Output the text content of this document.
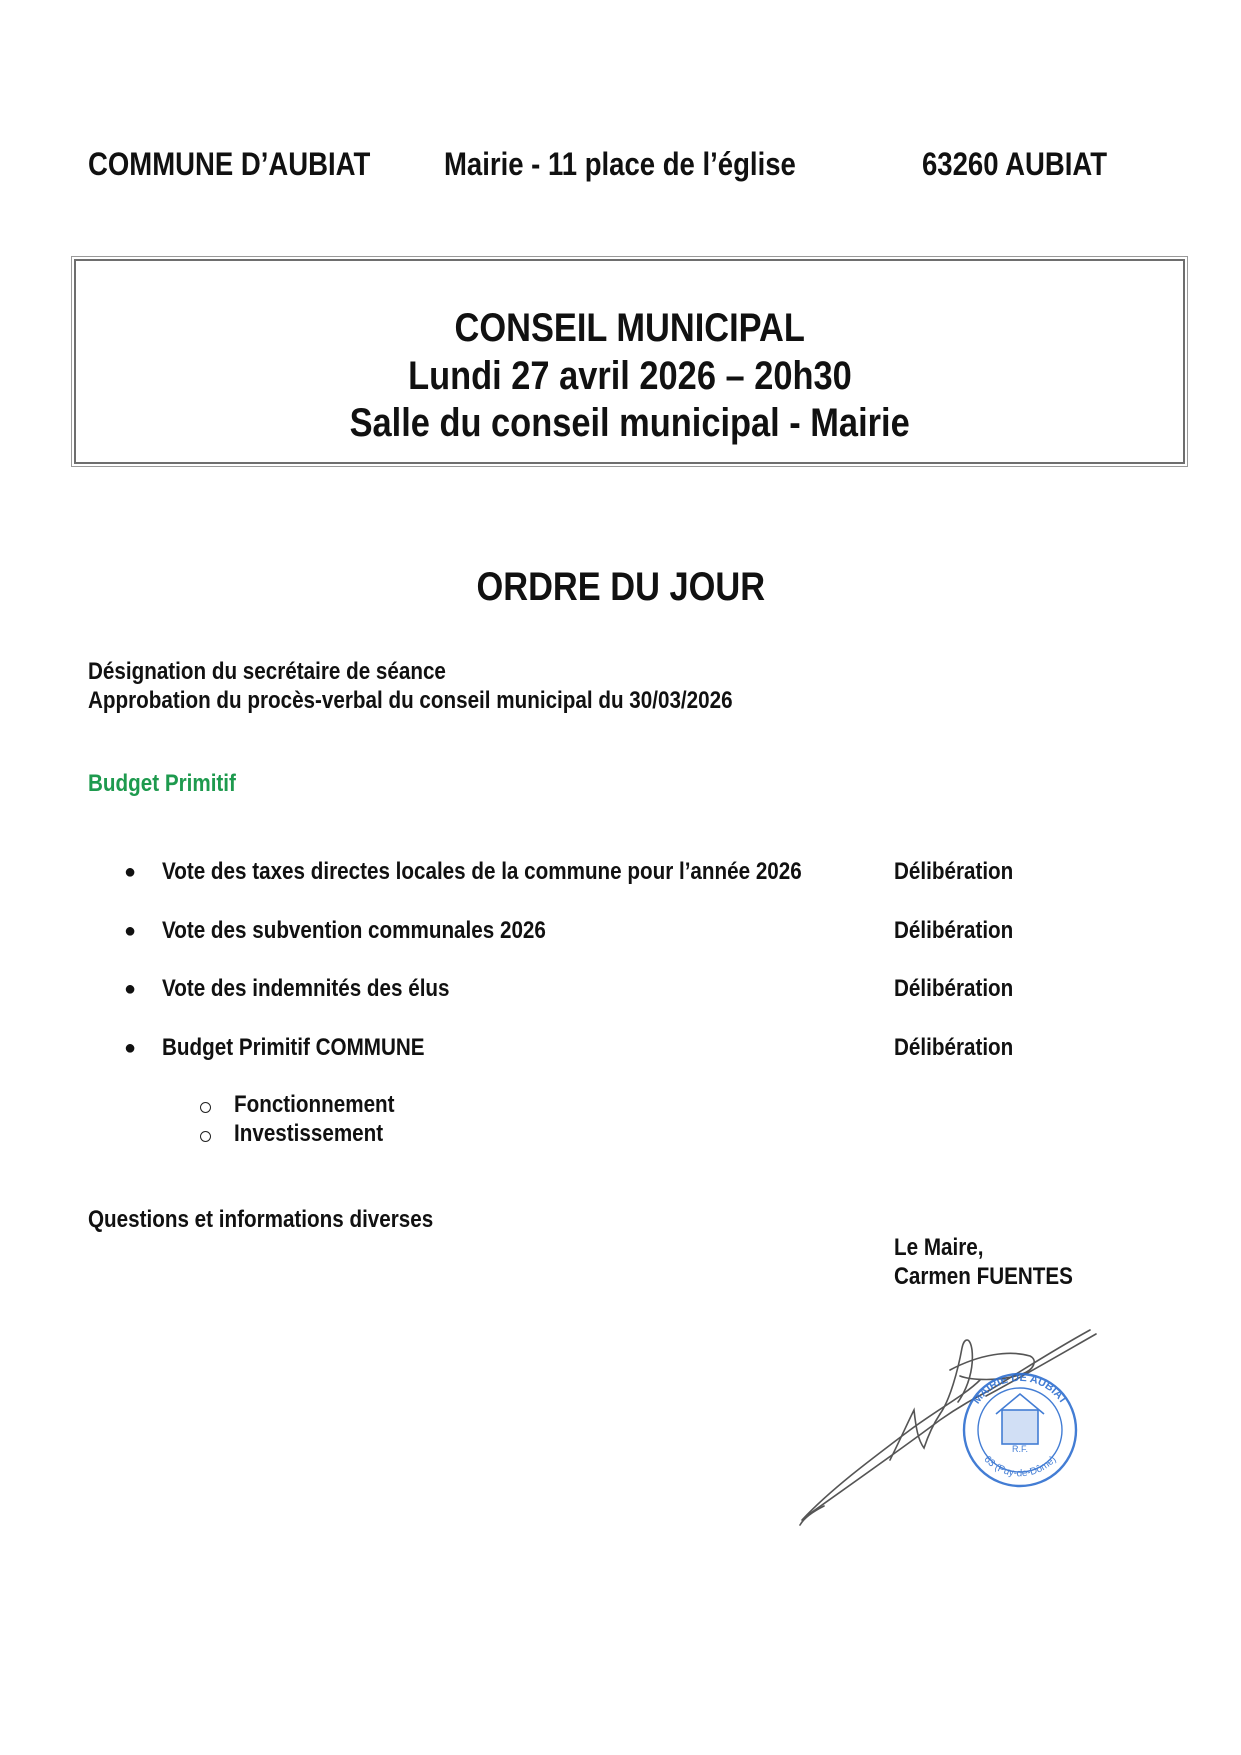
COMMUNE D’AUBIAT	Mairie - 11 place de l’église	63260 AUBIAT
CONSEIL MUNICIPAL
Lundi 27 avril 2026 – 20h30
Salle du conseil municipal - Mairie
ORDRE DU JOUR
Désignation du secrétaire de séance
Approbation du procès-verbal du conseil municipal du 30/03/2026
Budget Primitif
● Vote des taxes directes locales de la commune pour l’année 2026	Délibération
● Vote des subvention communales 2026	Délibération
● Vote des indemnités des élus	Délibération
● Budget Primitif COMMUNE	Délibération
Fonctionnement
Investissement
Questions et informations diverses
Le Maire,
Carmen FUENTES
R.F.
MAIRIE DE AUBIAT
63 (Puy-de-Dôme)
